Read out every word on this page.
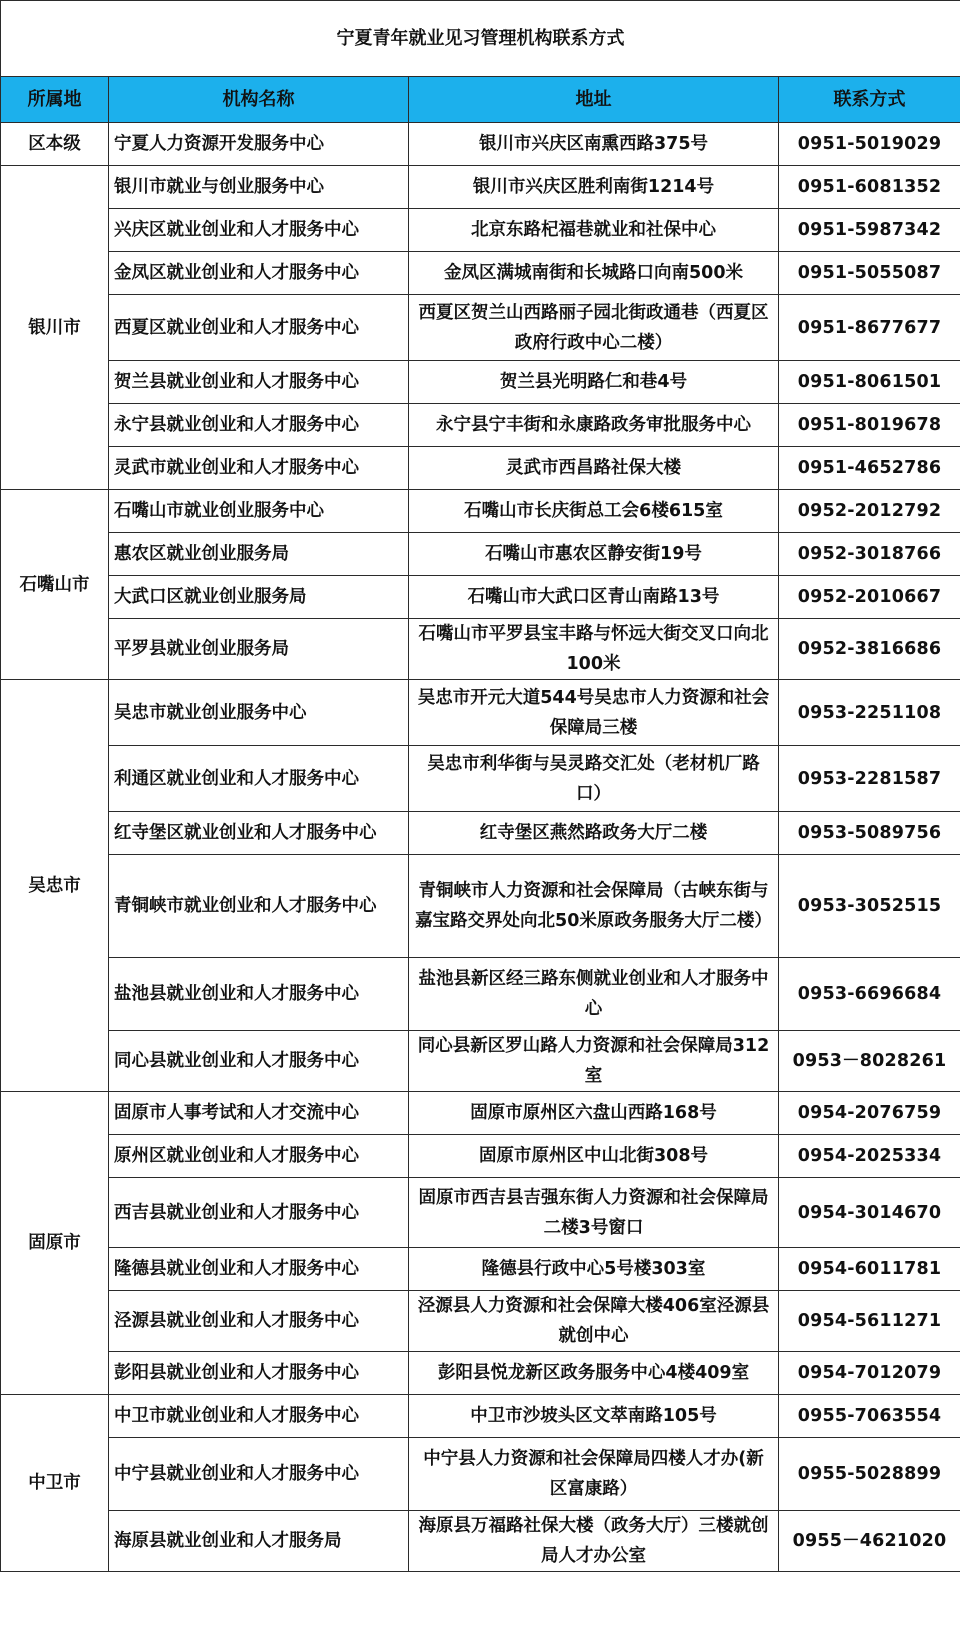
宁夏青年就业见习管理机构联系方式			
所属地	机构名称	地址	联系方式
区本级	宁夏人力资源开发服务中心	银川市兴庆区南熏西路375号	0951-5019029
银川市	银川市就业与创业服务中心	银川市兴庆区胜利南街1214号	0951-6081352
	兴庆区就业创业和人才服务中心	北京东路杞福巷就业和社保中心	0951-5987342
	金凤区就业创业和人才服务中心	金凤区满城南街和长城路口向南500米	0951-5055087
	西夏区就业创业和人才服务中心	西夏区贺兰山西路丽子园北街政通巷（西夏区政府行政中心二楼）	0951-8677677
	贺兰县就业创业和人才服务中心	贺兰县光明路仁和巷4号	0951-8061501
	永宁县就业创业和人才服务中心	永宁县宁丰街和永康路政务审批服务中心	0951-8019678
	灵武市就业创业和人才服务中心	灵武市西昌路社保大楼	0951-4652786
石嘴山市	石嘴山市就业创业服务中心	石嘴山市长庆街总工会6楼615室	0952-2012792
	惠农区就业创业服务局	石嘴山市惠农区静安街19号	0952-3018766
	大武口区就业创业服务局	石嘴山市大武口区青山南路13号	0952-2010667
	平罗县就业创业服务局	石嘴山市平罗县宝丰路与怀远大街交叉口向北100米	0952-3816686
吴忠市	吴忠市就业创业服务中心	吴忠市开元大道544号吴忠市人力资源和社会保障局三楼	0953-2251108
	利通区就业创业和人才服务中心	吴忠市利华街与吴灵路交汇处（老材机厂路口）	0953-2281587
	红寺堡区就业创业和人才服务中心	红寺堡区燕然路政务大厅二楼	0953-5089756
	青铜峡市就业创业和人才服务中心	青铜峡市人力资源和社会保障局（古峡东街与嘉宝路交界处向北50米原政务服务大厅二楼）	0953-3052515
	盐池县就业创业和人才服务中心	盐池县新区经三路东侧就业创业和人才服务中心	0953-6696684
	同心县就业创业和人才服务中心	同心县新区罗山路人力资源和社会保障局312室	0953－8028261
固原市	固原市人事考试和人才交流中心	固原市原州区六盘山西路168号	0954-2076759
	原州区就业创业和人才服务中心	固原市原州区中山北街308号	0954-2025334
	西吉县就业创业和人才服务中心	固原市西吉县吉强东街人力资源和社会保障局二楼3号窗口	0954-3014670
	隆德县就业创业和人才服务中心	隆德县行政中心5号楼303室	0954-6011781
	泾源县就业创业和人才服务中心	泾源县人力资源和社会保障大楼406室泾源县就创中心	0954-5611271
	彭阳县就业创业和人才服务中心	彭阳县悦龙新区政务服务中心4楼409室	0954-7012079
中卫市	中卫市就业创业和人才服务中心	中卫市沙坡头区文萃南路105号	0955-7063554
	中宁县就业创业和人才服务中心	中宁县人力资源和社会保障局四楼人才办(新区富康路）	0955-5028899
	海原县就业创业和人才服务局	海原县万福路社保大楼（政务大厅）三楼就创局人才办公室	0955－4621020
